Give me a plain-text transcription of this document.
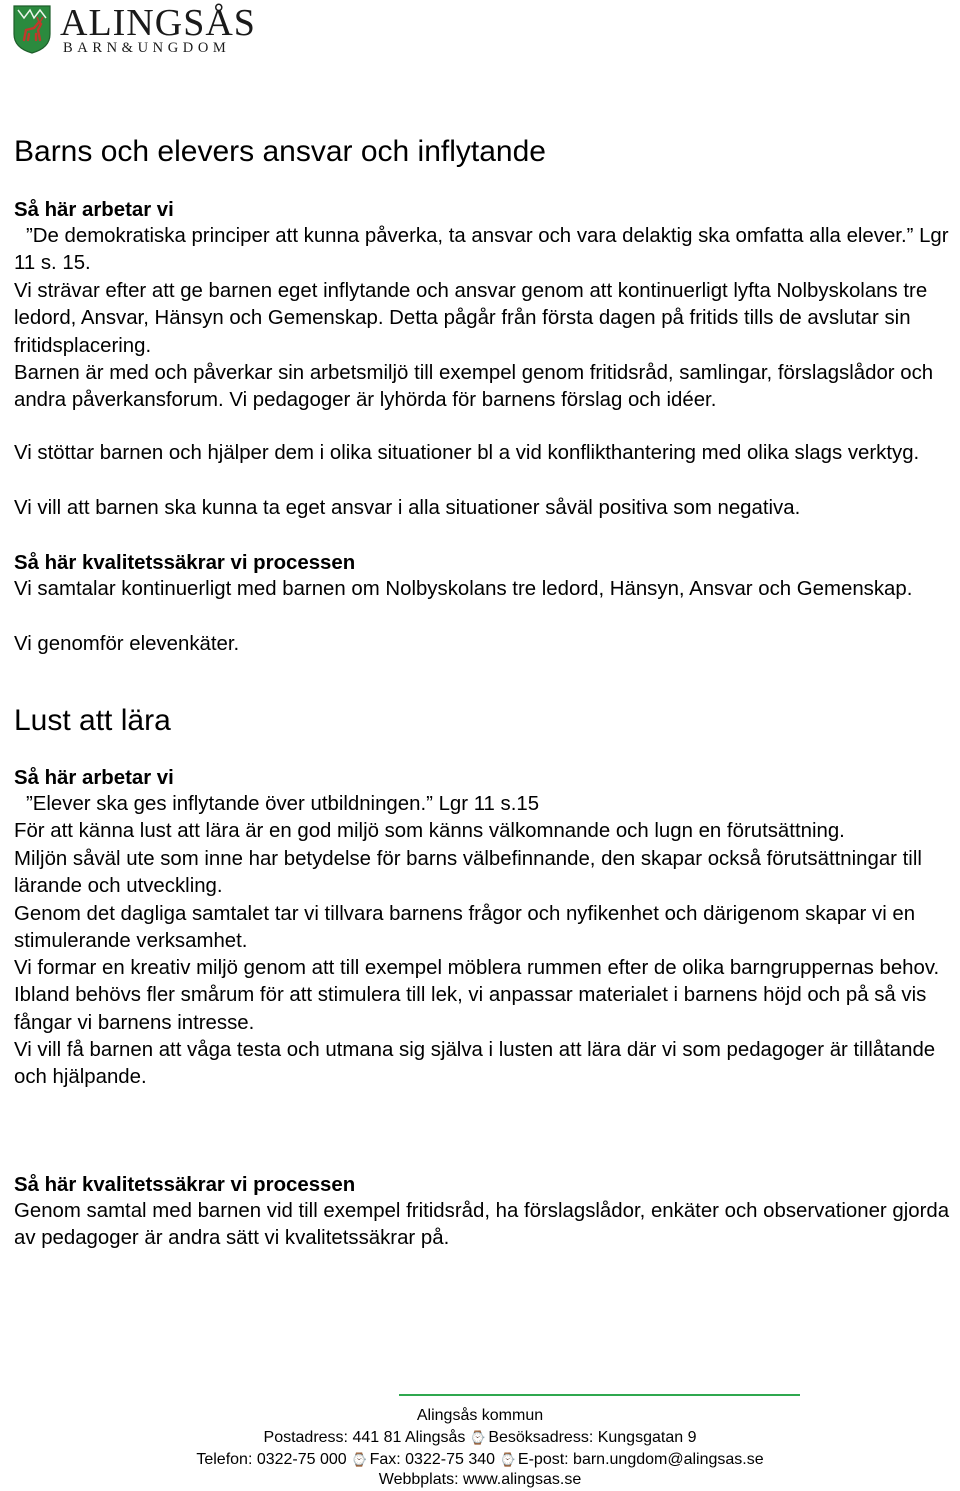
ALINGSÅS
BARN&UNGDOM
Barns och elevers ansvar och inflytande
Så här arbetar vi
”De demokratiska principer att kunna påverka, ta ansvar och vara delaktig ska omfatta alla elever.” Lgr 11 s. 15.
Vi strävar efter att ge barnen eget inflytande och ansvar genom att kontinuerligt lyfta Nolbyskolans tre ledord, Ansvar, Hänsyn och Gemenskap. Detta pågår från första dagen på fritids tills de avslutar sin fritidsplacering.
Barnen är med och påverkar sin arbetsmiljö till exempel genom fritidsråd, samlingar, förslagslådor och andra påverkansforum. Vi pedagoger är lyhörda för barnens förslag och idéer.
Vi stöttar barnen och hjälper dem i olika situationer bl a vid konflikthantering med olika slags verktyg.
Vi vill att barnen ska kunna ta eget ansvar i alla situationer såväl positiva som negativa.
Så här kvalitetssäkrar vi processen
Vi samtalar kontinuerligt med barnen om Nolbyskolans tre ledord, Hänsyn, Ansvar och Gemenskap.
Vi genomför elevenkäter.
Lust att lära
Så här arbetar vi
”Elever ska ges inflytande över utbildningen.” Lgr 11 s.15
För att känna lust att lära är en god miljö som känns välkomnande och lugn en förutsättning.
Miljön såväl ute som inne har betydelse för barns välbefinnande, den skapar också förutsättningar till lärande och utveckling.
Genom det dagliga samtalet tar vi tillvara barnens frågor och nyfikenhet och därigenom skapar vi en stimulerande verksamhet.
Vi formar en kreativ miljö genom att till exempel möblera rummen efter de olika barngruppernas behov. Ibland behövs fler smårum för att stimulera till lek, vi anpassar materialet i barnens höjd och på så vis fångar vi barnens intresse.
Vi vill få barnen att våga testa och utmana sig själva i lusten att lära där vi som pedagoger är tillåtande och hjälpande.
Så här kvalitetssäkrar vi processen
Genom samtal med barnen vid till exempel fritidsråd, ha förslagslådor, enkäter och observationer gjorda av pedagoger är andra sätt vi kvalitetssäkrar på.
Alingsås kommun
Postadress: 441 81 Alingsås ⌚ Besöksadress: Kungsgatan 9
Telefon: 0322-75 000 ⌚ Fax: 0322-75 340 ⌚ E-post: barn.ungdom@alingsas.se
Webbplats: www.alingsas.se
